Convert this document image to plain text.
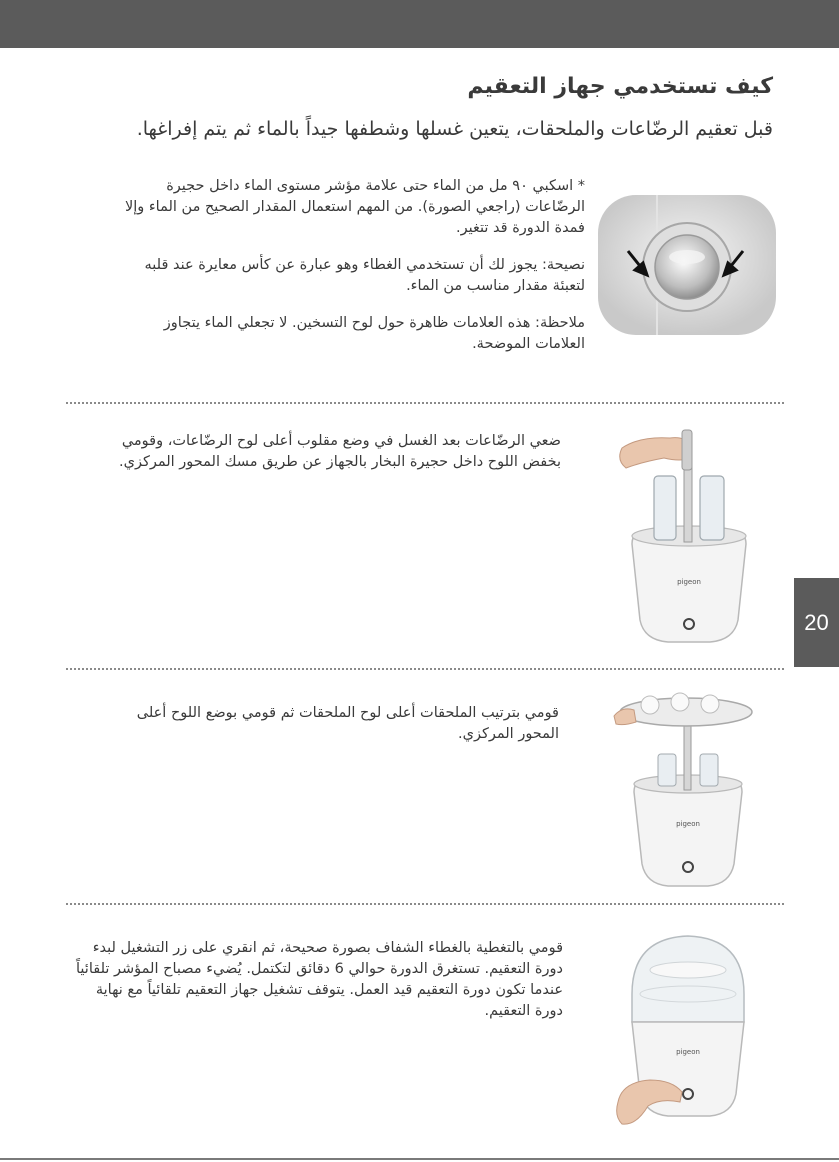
20
كيف تستخدمي جهاز التعقيم
قبل تعقيم الرضّاعات والملحقات، يتعين غسلها وشطفها جيداً بالماء ثم يتم إفراغها.

* اسكبي ٩٠ مل من الماء حتى علامة مؤشر مستوى الماء داخل حجيرة الرضّاعات (راجعي الصورة). من المهم استعمال المقدار الصحيح من الماء وإلا فمدة الدورة قد تتغير.

نصيحة: يجوز لك أن تستخدمي الغطاء وهو عبارة عن كأس معايرة عند قلبه لتعبئة مقدار مناسب من الماء.

ملاحظة: هذه العلامات ظاهرة حول لوح التسخين. لا تجعلي الماء يتجاوز العلامات الموضحة.

ضعي الرضّاعات بعد الغسل في وضع مقلوب أعلى لوح الرضّاعات، وقومي بخفض اللوح داخل حجيرة البخار بالجهاز عن طريق مسك المحور المركزي.

pigeon

قومي بترتيب الملحقات أعلى لوح الملحقات ثم قومي بوضع اللوح أعلى المحور المركزي.

pigeon

قومي بالتغطية بالغطاء الشفاف بصورة صحيحة، ثم انقري على زر التشغيل لبدء دورة التعقيم. تستغرق الدورة حوالي 6 دقائق لتكتمل. يُضيء مصباح المؤشر تلقائياً عندما تكون دورة التعقيم قيد العمل. يتوقف تشغيل جهاز التعقيم تلقائياً مع نهاية دورة التعقيم.

pigeon
